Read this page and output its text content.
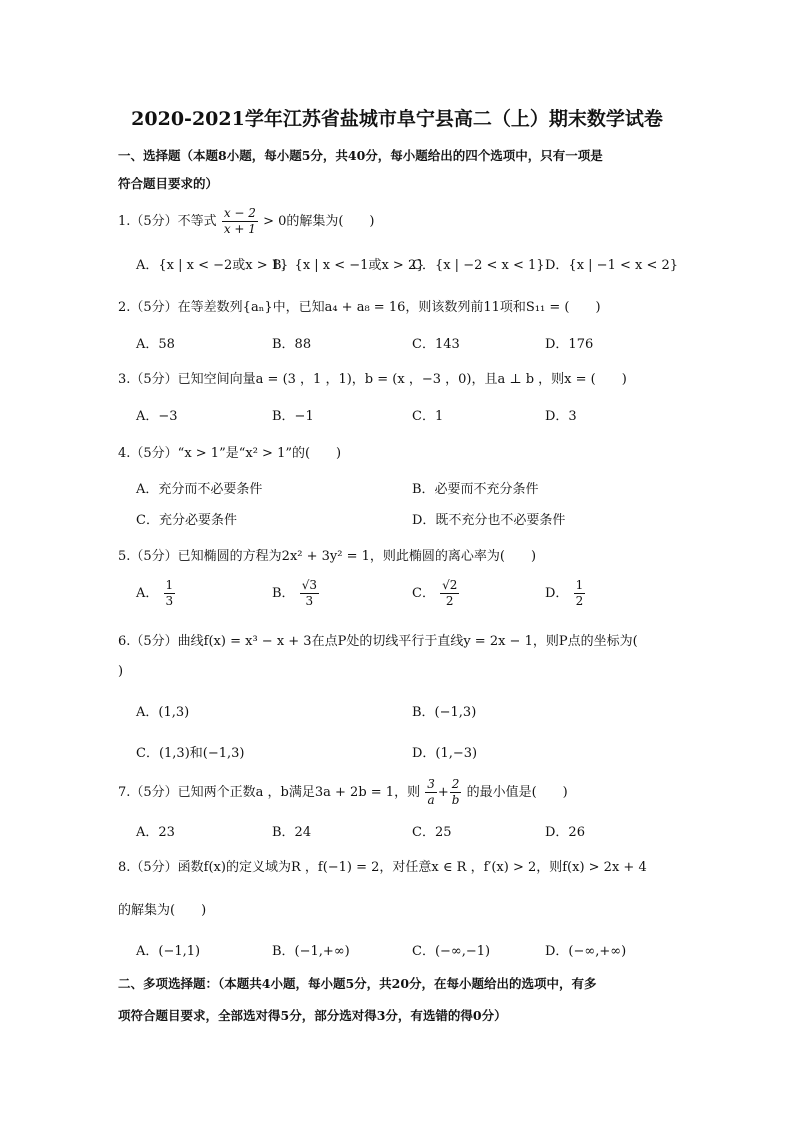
2020-2021学年江苏省盐城市阜宁县高二（上）期末数学试卷
一、选择题（本题8小题，每小题5分，共40分，每小题给出的四个选项中，只有一项是
符合题目要求的）
1.（5分）不等式 $\frac{x - 2}{x + 1} > 0$的解集为(　　)
A．{x | x < −2或x > 1}
B．{x | x < −1或x > 2}
C．{x | −2 < x < 1} D．{x | −1 < x < 2}
2.（5分）在等差数列{aₙ}中，已知a₄ + a₈ = 16，则该数列前11项和S₁₁ = (　　)
A．58	B．88	C．143	D．176
3.（5分）已知空间向量a = (3 ，1 ，1)，b = (x ，−3 ，0)，且a ⊥ b ，则x = (　　)
A．−3	B．−1	C．1	D．3
4.（5分）“x > 1”是“x² > 1”的(　　)
A．充分而不必要条件	B．必要而不充分条件
C．充分必要条件	D．既不充分也不必要条件
5.（5分）已知椭圆的方程为2x² + 3y² = 1，则此椭圆的离心率为(　　)
A． $\frac{1}{3}$	B． $\frac{√3}{3}$	C． $\frac{√2}{2}$	D． $\frac{1}{2}$
6.（5分）曲线f(x) = x³ − x + 3在点P处的切线平行于直线y = 2x − 1，则P点的坐标为(
)
A．(1,3)	B．(−1,3)
C．(1,3)和(−1,3)	D．(1,−3)
7.（5分）已知两个正数a ，b满足3a + 2b = 1，则 $\frac{3}{a} + \frac{2}{b}$ 的最小值是(　　)
A．23	B．24	C．25	D．26
8.（5分）函数f(x)的定义域为R ，f(−1) = 2，对任意x ∈ R ，f′(x) > 2，则f(x) > 2x + 4
的解集为(　　)
A．(−1,1)	B．(−1,+∞)	C．(−∞,−1)	D．(−∞,+∞)
二、多项选择题：（本题共4小题，每小题5分，共20分，在每小题给出的选项中，有多
项符合题目要求，全部选对得5分，部分选对得3分，有选错的得0分）
